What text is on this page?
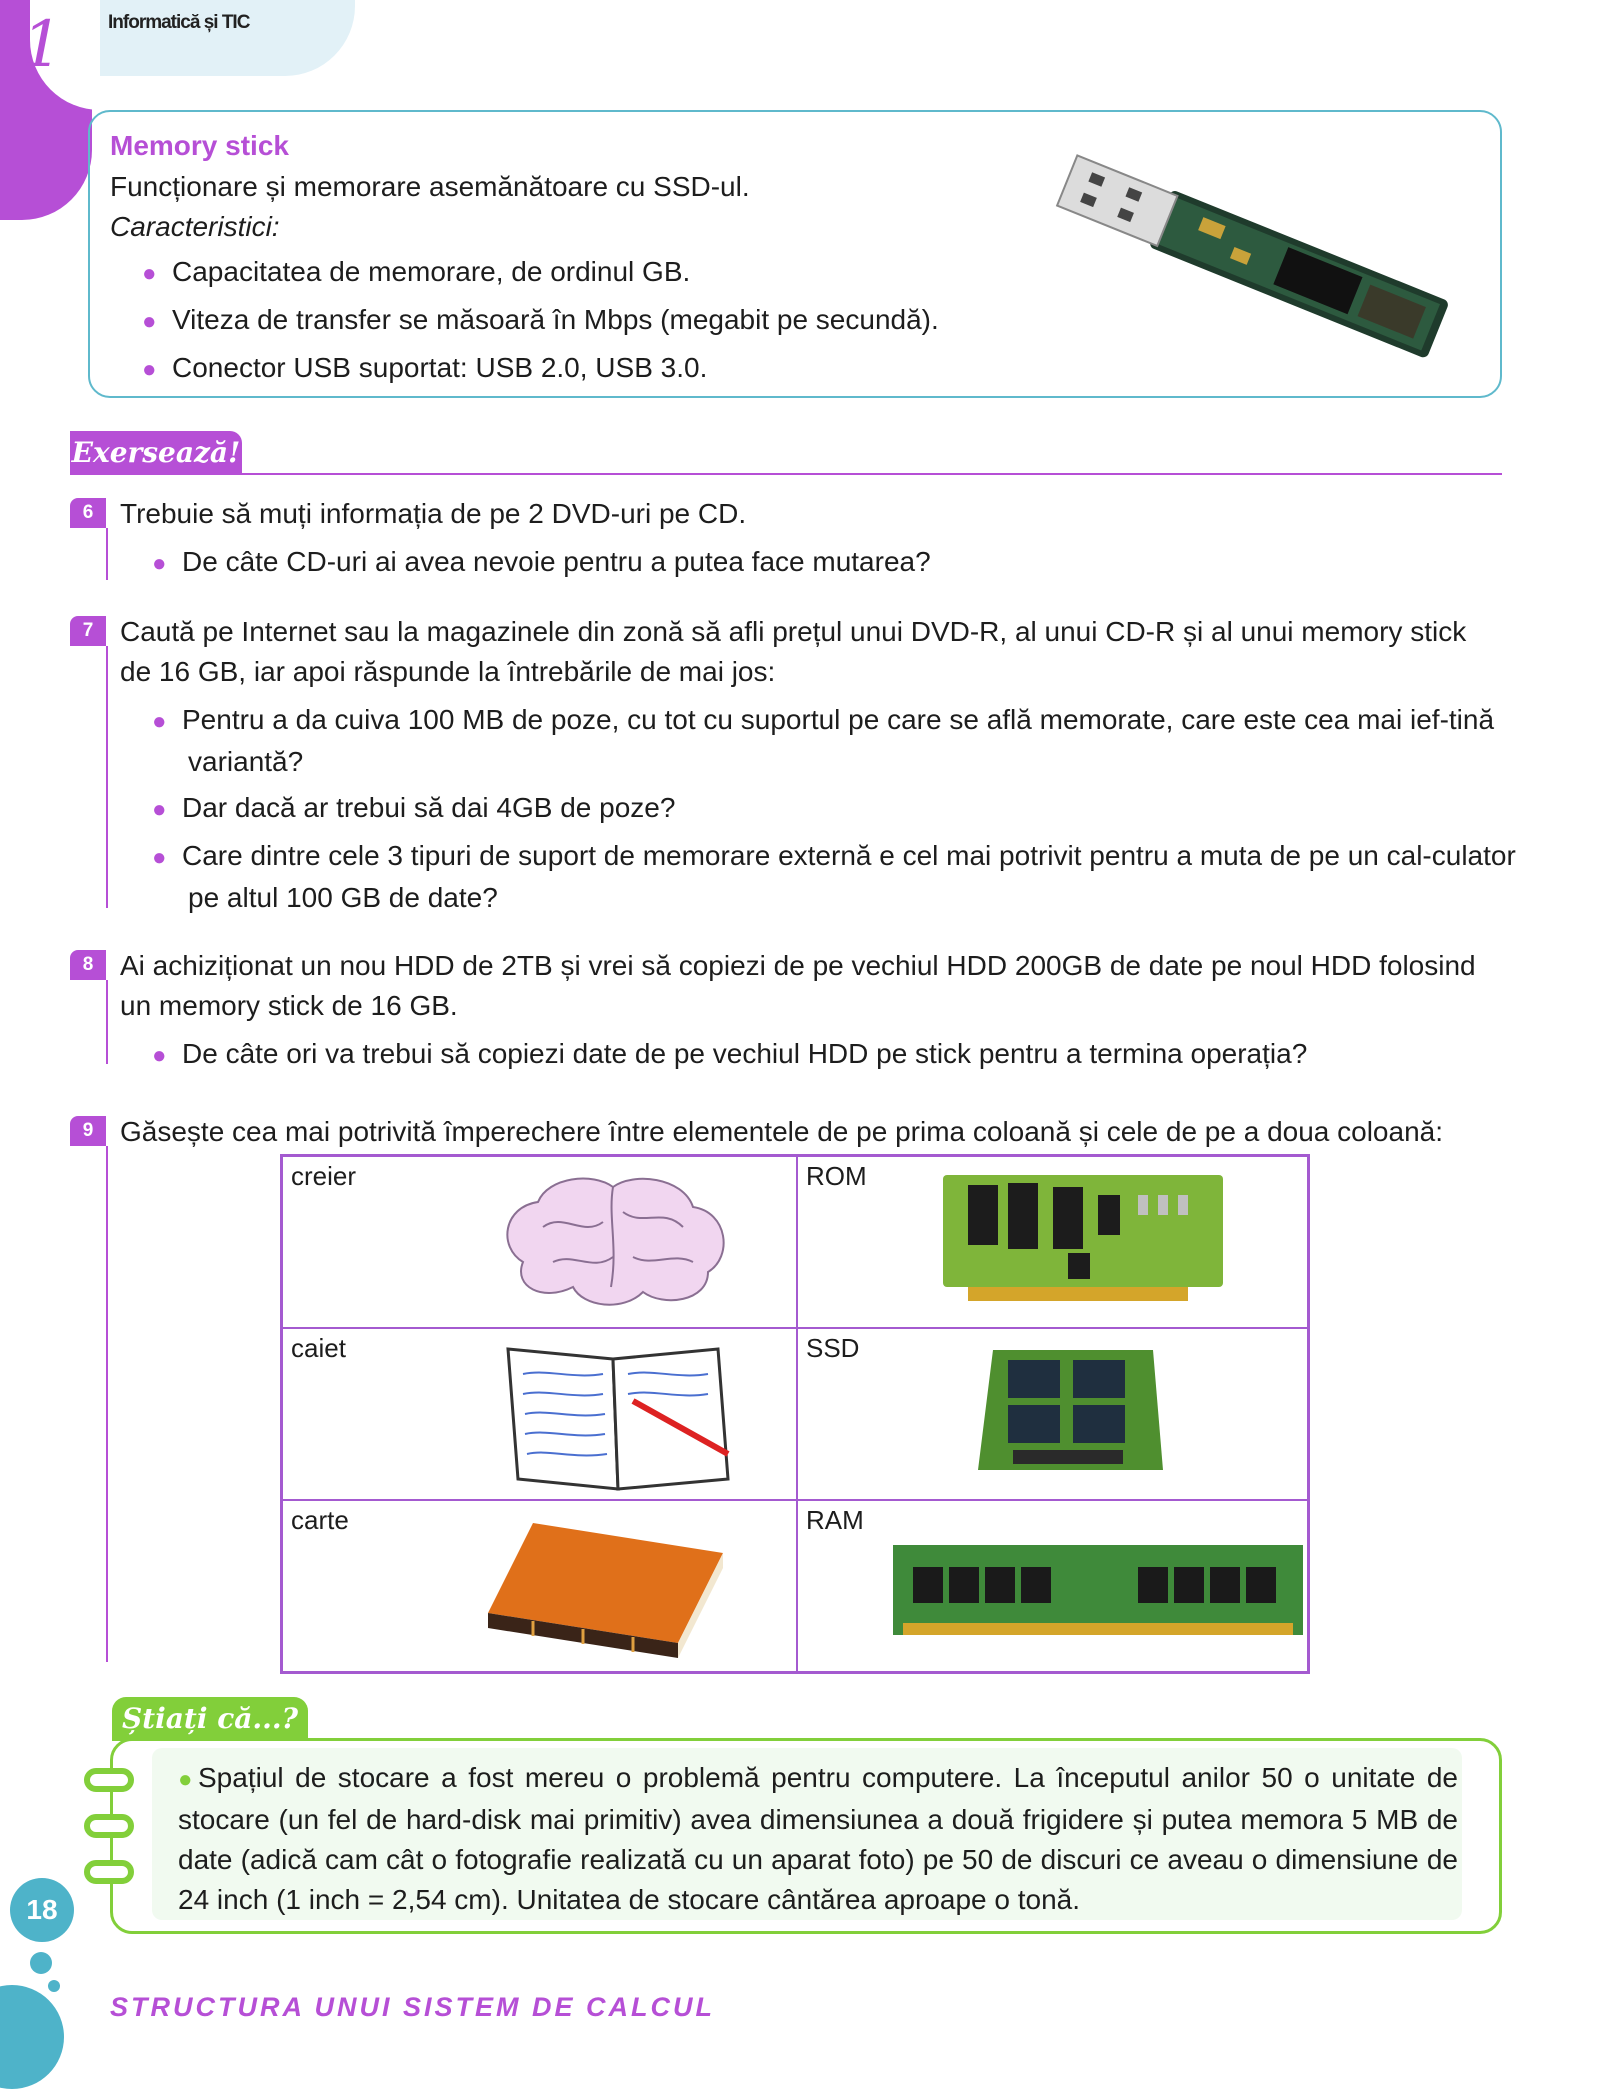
1 Informatică și TIC
Memory stick
Funcționare și memorare asemănătoare cu SSD-ul.
Caracteristici:
● Capacitatea de memorare, de ordinul GB.
● Viteza de transfer se măsoară în Mbps (megabit pe secundă).
● Conector USB suportat: USB 2.0, USB 3.0.
Exersează!
6 Trebuie să muți informația de pe 2 DVD-uri pe CD.
● De câte CD-uri ai avea nevoie pentru a putea face mutarea?
7 Caută pe Internet sau la magazinele din zonă să afli prețul unui DVD-R, al unui CD-R și al unui memory stick de 16 GB, iar apoi răspunde la întrebările de mai jos:
● Pentru a da cuiva 100 MB de poze, cu tot cu suportul pe care se află memorate, care este cea mai ief-tină variantă?
● Dar dacă ar trebui să dai 4GB de poze?
● Care dintre cele 3 tipuri de suport de memorare externă e cel mai potrivit pentru a muta de pe un cal-culator pe altul 100 GB de date?
8 Ai achiziționat un nou HDD de 2TB și vrei să copiezi de pe vechiul HDD 200GB de date pe noul HDD folosind un memory stick de 16 GB.
● De câte ori va trebui să copiezi date de pe vechiul HDD pe stick pentru a termina operația?
9 Găsește cea mai potrivită împerechere între elementele de pe prima coloană și cele de pe a doua coloană:
creier	ROM
caiet	SSD
carte	RAM
Știați că...?
● Spațiul de stocare a fost mereu o problemă pentru computere. La începutul anilor 50 o unitate de stocare (un fel de hard-disk mai primitiv) avea dimensiunea a două frigidere și putea memora 5 MB de date (adică cam cât o fotografie realizată cu un aparat foto) pe 50 de discuri ce aveau o dimensiune de 24 inch (1 inch = 2,54 cm). Unitatea de stocare cântărea aproape o tonă.
18
STRUCTURA UNUI SISTEM DE CALCUL
